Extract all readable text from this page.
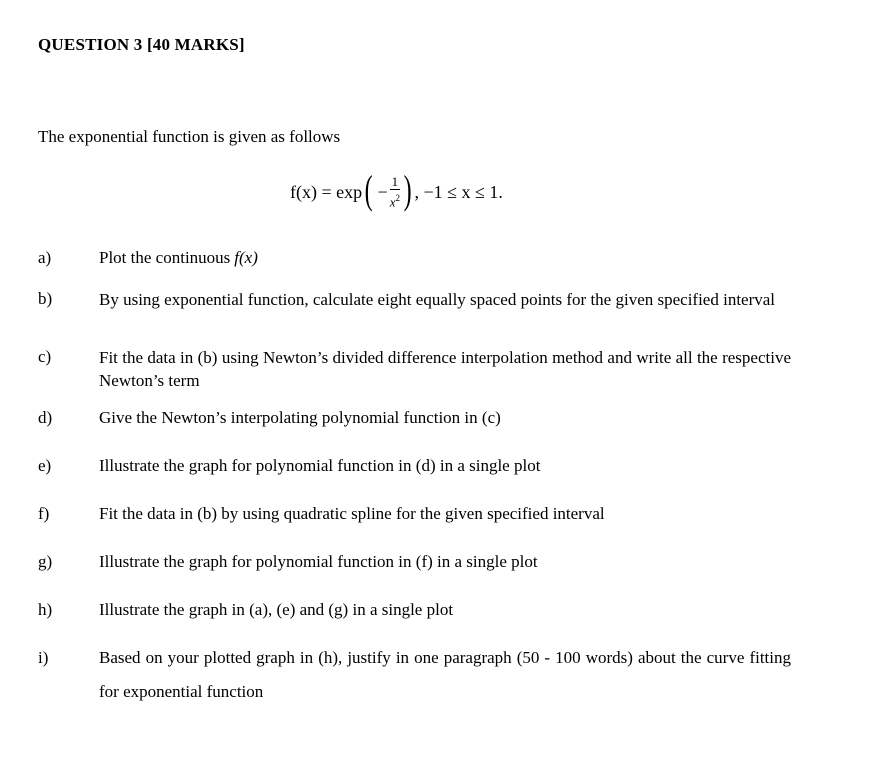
QUESTION 3 [40 MARKS]
The exponential function is given as follows
f(x) = exp ( − $\frac{1}{x^2}$ ) , −1 ≤ x ≤ 1.
a)	Plot the continuous f(x)
b)	By using exponential function, calculate eight equally spaced points for the given specified interval
c)	Fit the data in (b) using Newton’s divided difference interpolation method and write all the respective Newton’s term
d)	Give the Newton’s interpolating polynomial function in (c)
e)	Illustrate the graph for polynomial function in (d) in a single plot
f)	Fit the data in (b) by using quadratic spline for the given specified interval
g)	Illustrate the graph for polynomial function in (f) in a single plot
h)	Illustrate the graph in (a), (e) and (g) in a single plot
i)	Based on your plotted graph in (h), justify in one paragraph (50 - 100 words) about the curve fitting for exponential function
